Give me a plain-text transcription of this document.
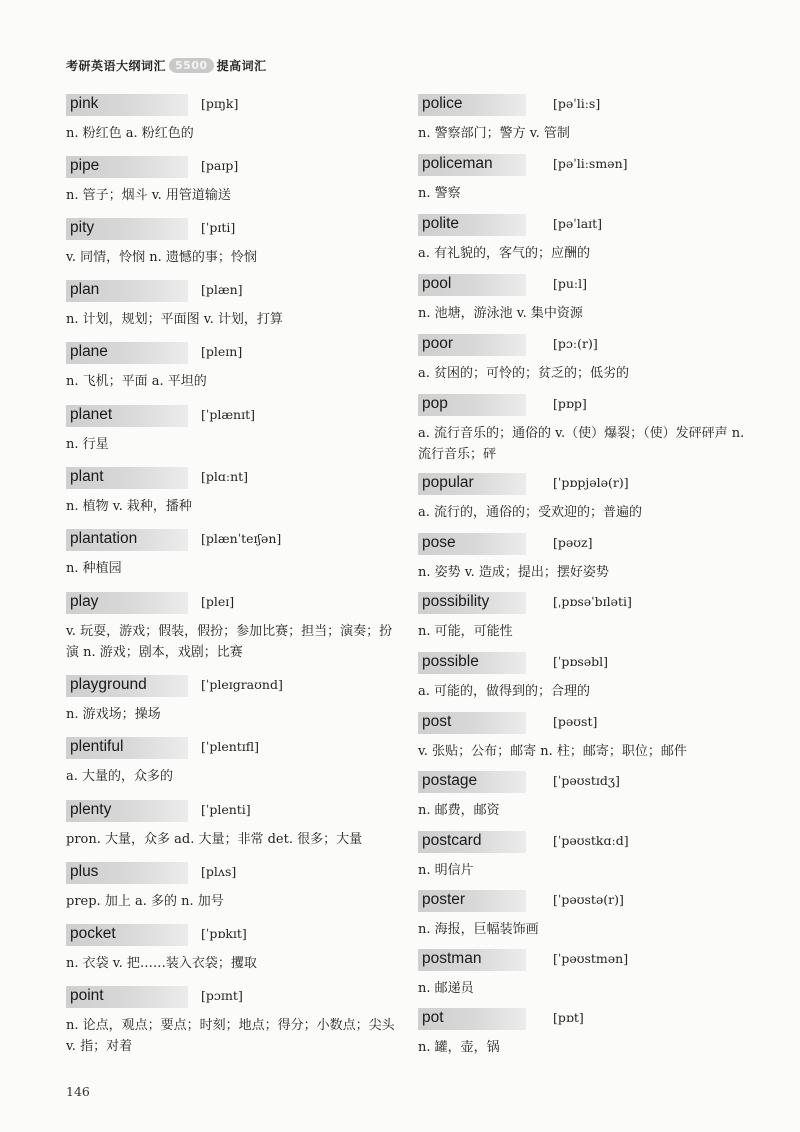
考研英语大纲词汇 5500 提高词汇
pink	[pɪŋk]
n. 粉红色 a. 粉红色的
pipe	[paɪp]
n. 管子；烟斗 v. 用管道输送
pity	[ˈpɪti]
v. 同情，怜悯 n. 遗憾的事；怜悯
plan	[plæn]
n. 计划，规划；平面图 v. 计划，打算
plane	[pleɪn]
n. 飞机；平面 a. 平坦的
planet	[ˈplænɪt]
n. 行星
plant	[plɑːnt]
n. 植物 v. 栽种，播种
plantation	[plænˈteɪʃən]
n. 种植园
play	[pleɪ]
v. 玩耍，游戏；假装，假扮；参加比赛；担当；演奏；扮演 n. 游戏；剧本，戏剧；比赛
playground	[ˈpleɪgraʊnd]
n. 游戏场；操场
plentiful	[ˈplentɪfl]
a. 大量的，众多的
plenty	[ˈplenti]
pron. 大量，众多 ad. 大量；非常 det. 很多；大量
plus	[plʌs]
prep. 加上 a. 多的 n. 加号
pocket	[ˈpɒkɪt]
n. 衣袋 v. 把……装入衣袋；攫取
point	[pɔɪnt]
n. 论点，观点；要点；时刻；地点；得分；小数点；尖头 v. 指；对着
police	[pəˈliːs]
n. 警察部门；警方 v. 管制
policeman	[pəˈliːsmən]
n. 警察
polite	[pəˈlaɪt]
a. 有礼貌的，客气的；应酬的
pool	[puːl]
n. 池塘，游泳池 v. 集中资源
poor	[pɔː(r)]
a. 贫困的；可怜的；贫乏的；低劣的
pop	[pɒp]
a. 流行音乐的；通俗的 v.（使）爆裂；（使）发砰砰声 n. 流行音乐；砰
popular	[ˈpɒpjələ(r)]
a. 流行的，通俗的；受欢迎的；普遍的
pose	[pəʊz]
n. 姿势 v. 造成；提出；摆好姿势
possibility	[ˌpɒsəˈbɪləti]
n. 可能，可能性
possible	[ˈpɒsəbl]
a. 可能的，做得到的；合理的
post	[pəʊst]
v. 张贴；公布；邮寄 n. 柱；邮寄；职位；邮件
postage	[ˈpəʊstɪdʒ]
n. 邮费，邮资
postcard	[ˈpəʊstkɑːd]
n. 明信片
poster	[ˈpəʊstə(r)]
n. 海报，巨幅装饰画
postman	[ˈpəʊstmən]
n. 邮递员
pot	[pɒt]
n. 罐，壶，锅
146
